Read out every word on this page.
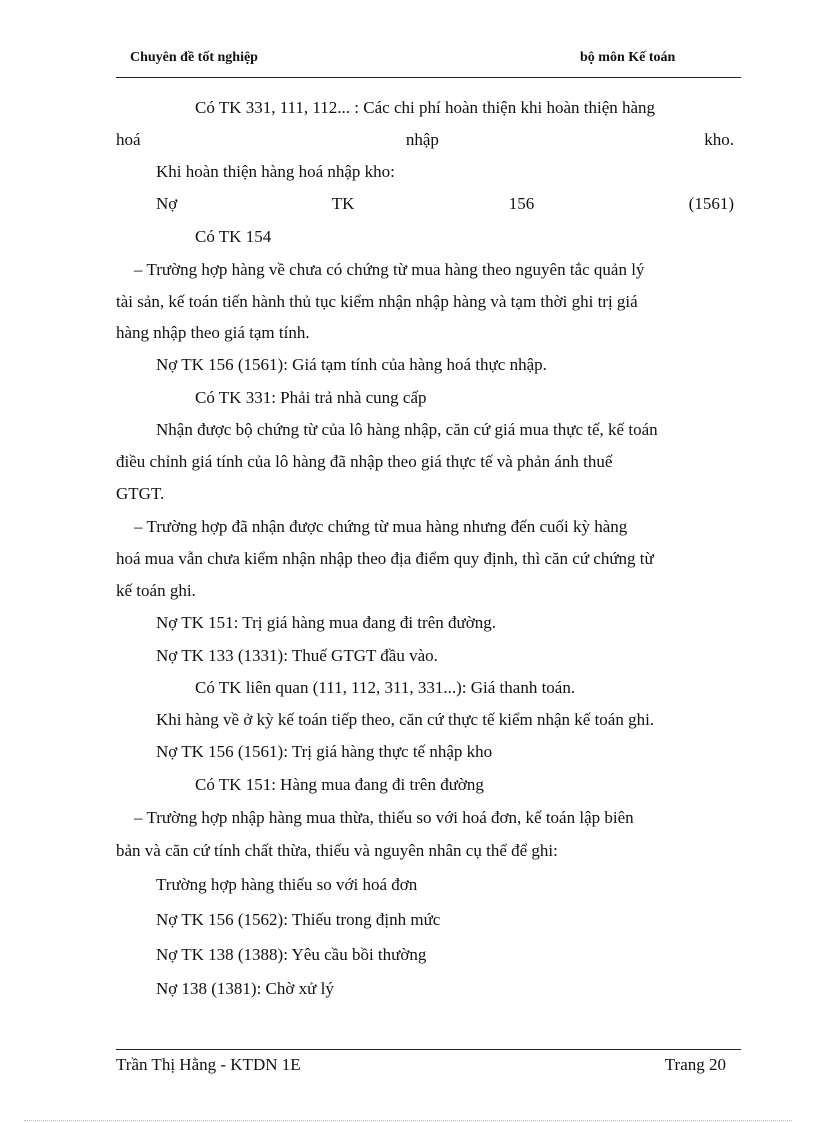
Chuyên đề tốt nghiệp	bộ môn Kế toán
Có TK 331, 111, 112... : Các chi phí hoàn thiện khi hoàn thiện hàng
hoá	nhập	kho.
Khi hoàn thiện hàng hoá nhập kho:
Nợ	TK	156	(1561)
Có TK 154
– Trường hợp hàng về chưa có chứng từ mua hàng theo nguyên tắc quản lý
tài sản, kế toán tiến hành thủ tục kiểm nhận nhập hàng và tạm thời ghi trị giá
hàng nhập theo giá tạm tính.
Nợ TK 156 (1561): Giá tạm tính của hàng hoá thực nhập.
Có TK 331: Phải trả nhà cung cấp
Nhận được bộ chứng từ của lô hàng nhập, căn cứ giá mua thực tế, kế toán
điều chỉnh giá tính của lô hàng đã nhập theo giá thực tế và phản ánh thuế
GTGT.
– Trường hợp đã nhận được chứng từ mua hàng nhưng đến cuối kỳ hàng
hoá mua vẫn chưa kiểm nhận nhập theo địa điểm quy định, thì căn cứ chứng từ
kế toán ghi.
Nợ TK 151: Trị giá hàng mua đang đi trên đường.
Nợ TK 133 (1331): Thuế GTGT đầu vào.
Có TK liên quan (111, 112, 311, 331...): Giá thanh toán.
Khi hàng về ở kỳ kế toán tiếp theo, căn cứ thực tế kiểm nhận kế toán ghi.
Nợ TK 156 (1561): Trị giá hàng thực tế nhập kho
Có TK 151: Hàng mua đang đi trên đường
– Trường hợp nhập hàng mua thừa, thiếu so với hoá đơn, kế toán lập biên
bản và căn cứ tính chất thừa, thiếu và nguyên nhân cụ thể để ghi:
Trường hợp hàng thiếu so với hoá đơn
Nợ TK 156 (1562): Thiếu trong định mức
Nợ TK 138 (1388): Yêu cầu bồi thường
Nợ 138 (1381): Chờ xử lý
Trần Thị Hằng - KTDN 1E	Trang 20
